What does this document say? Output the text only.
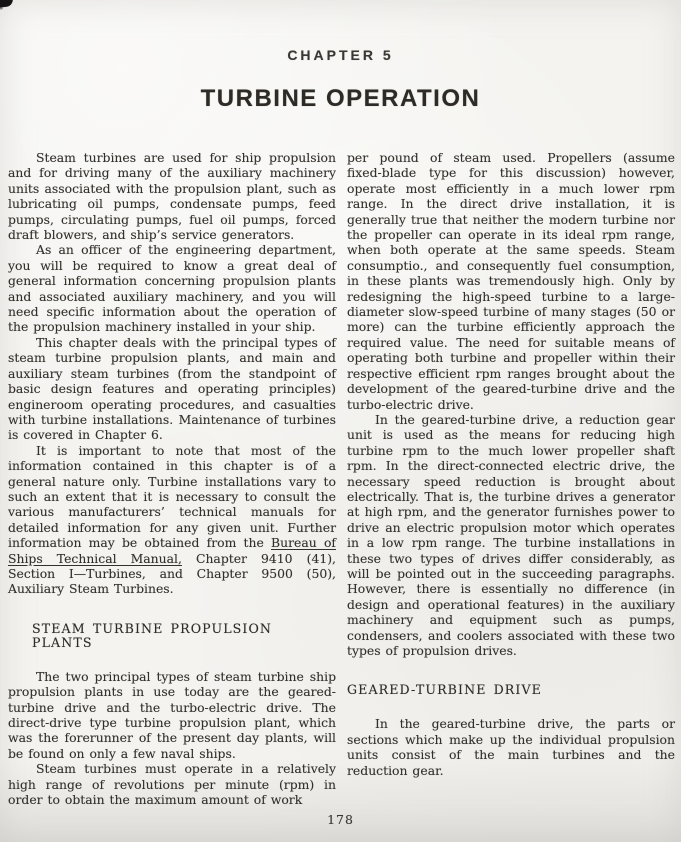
CHAPTER 5
TURBINE OPERATION

Steam turbines are used for ship propulsion and for driving many of the auxiliary machinery units associated with the propulsion plant, such as lubricating oil pumps, condensate pumps, feed pumps, circulating pumps, fuel oil pumps, forced draft blowers, and ship’s service generators.

As an officer of the engineering department, you will be required to know a great deal of general information concerning propulsion plants and associated auxiliary machinery, and you will need specific information about the operation of the propulsion machinery installed in your ship.

This chapter deals with the principal types of steam turbine propulsion plants, and main and auxiliary steam turbines (from the standpoint of basic design features and operating principles) engineroom operating procedures, and casualties with turbine installations. Maintenance of turbines is covered in Chapter 6.

It is important to note that most of the information contained in this chapter is of a general nature only. Turbine installations vary to such an extent that it is necessary to consult the various manufacturers’ technical manuals for detailed information for any given unit. Further information may be obtained from the Bureau of Ships Technical Manual, Chapter 9410 (41), Section I—Turbines, and Chapter 9500 (50), Auxiliary Steam Turbines.

STEAM TURBINE PROPULSION PLANTS

The two principal types of steam turbine ship propulsion plants in use today are the geared-turbine drive and the turbo-electric drive. The direct-drive type turbine propulsion plant, which was the forerunner of the present day plants, will be found on only a few naval ships.

Steam turbines must operate in a relatively high range of revolutions per minute (rpm) in order to obtain the maximum amount of work

per pound of steam used. Propellers (assume fixed-blade type for this discussion) however, operate most efficiently in a much lower rpm range. In the direct drive installation, it is generally true that neither the modern turbine nor the propeller can operate in its ideal rpm range, when both operate at the same speeds. Steam consumptio., and consequently fuel consumption, in these plants was tremendously high. Only by redesigning the high-speed turbine to a large-diameter slow-speed turbine of many stages (50 or more) can the turbine efficiently approach the required value. The need for suitable means of operating both turbine and propeller within their respective efficient rpm ranges brought about the development of the geared-turbine drive and the turbo-electric drive.

In the geared-turbine drive, a reduction gear unit is used as the means for reducing high turbine rpm to the much lower propeller shaft rpm. In the direct-connected electric drive, the necessary speed reduction is brought about electrically. That is, the turbine drives a generator at high rpm, and the generator furnishes power to drive an electric propulsion motor which operates in a low rpm range. The turbine installations in these two types of drives differ considerably, as will be pointed out in the succeeding paragraphs. However, there is essentially no difference (in design and operational features) in the auxiliary machinery and equipment such as pumps, condensers, and coolers associated with these two types of propulsion drives.

GEARED-TURBINE DRIVE

In the geared-turbine drive, the parts or sections which make up the individual propulsion units consist of the main turbines and the reduction gear.

178
